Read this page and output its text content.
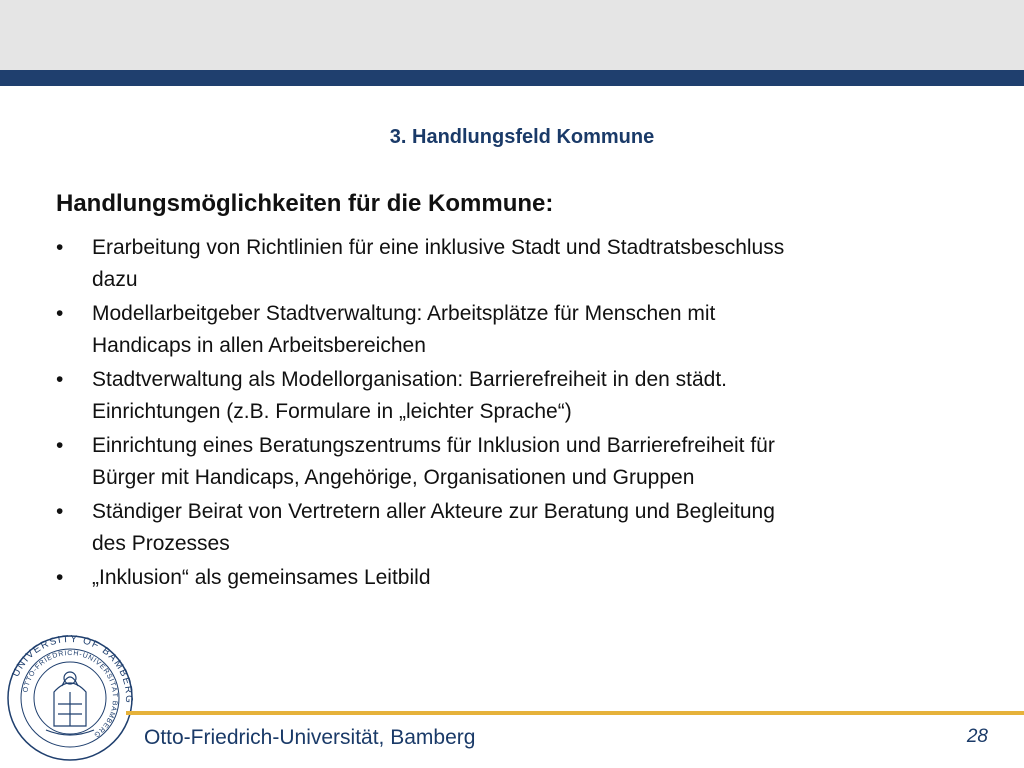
3. Handlungsfeld Kommune
Handlungsmöglichkeiten für die Kommune:
• Erarbeitung von Richtlinien für eine inklusive Stadt und Stadtratsbeschluss
dazu
• Modellarbeitgeber Stadtverwaltung: Arbeitsplätze für Menschen mit
Handicaps in allen Arbeitsbereichen
• Stadtverwaltung als Modellorganisation: Barrierefreiheit in den städt.
Einrichtungen (z.B. Formulare in „leichter Sprache“)
• Einrichtung eines Beratungszentrums für Inklusion und Barrierefreiheit für
Bürger mit Handicaps, Angehörige, Organisationen und Gruppen
• Ständiger Beirat von Vertretern aller Akteure zur Beratung und Begleitung
des Prozesses
• „Inklusion“ als gemeinsames Leitbild
UNIVERSITY OF BAMBERG
OTTO-FRIEDRICH-UNIVERSITÄT BAMBERG	Otto-Friedrich-Universität, Bamberg	28
